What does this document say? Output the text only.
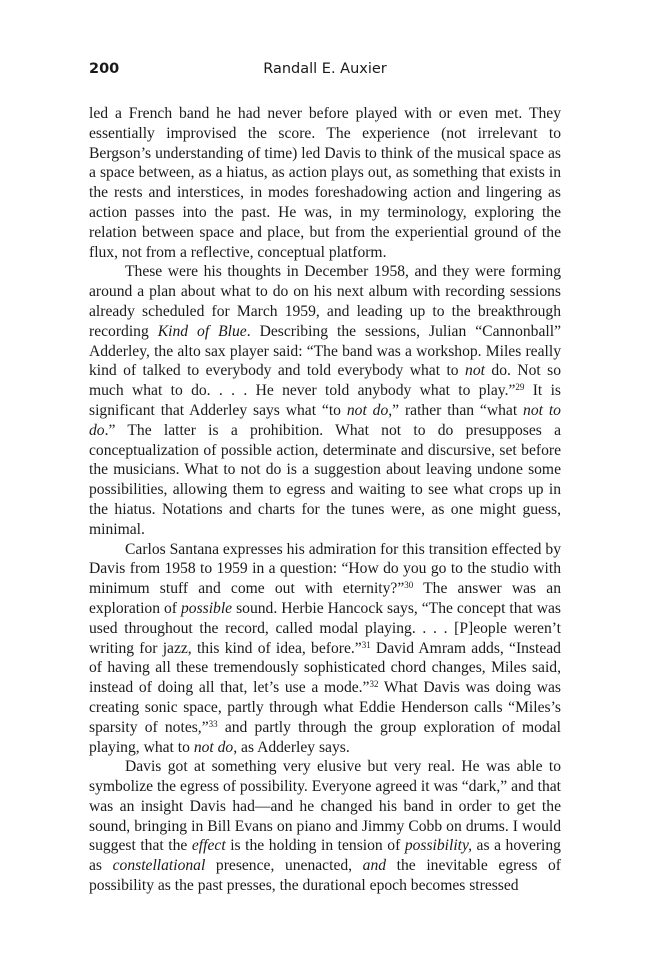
200	Randall E. Auxier

led a French band he had never before played with or even met. They essentially improvised the score. The experience (not irrelevant to Bergson’s understanding of time) led Davis to think of the musical space as a space between, as a hiatus, as action plays out, as something that exists in the rests and interstices, in modes foreshadowing action and lingering as action passes into the past. He was, in my terminology, exploring the relation between space and place, but from the experiential ground of the flux, not from a reflective, conceptual platform.

These were his thoughts in December 1958, and they were forming around a plan about what to do on his next album with recording sessions already scheduled for March 1959, and leading up to the breakthrough recording Kind of Blue. Describing the sessions, Julian “Cannonball” Adderley, the alto sax player said: “The band was a workshop. Miles really kind of talked to everybody and told everybody what to not do. Not so much what to do. . . . He never told anybody what to play.”$^{29}$ It is significant that Adderley says what “to not do,” rather than “what not to do.” The latter is a prohibition. What not to do presupposes a conceptualization of possible action, determinate and discursive, set before the musicians. What to not do is a suggestion about leaving undone some possibilities, allowing them to egress and waiting to see what crops up in the hiatus. Notations and charts for the tunes were, as one might guess, minimal.

Carlos Santana expresses his admiration for this transition effected by Davis from 1958 to 1959 in a question: “How do you go to the studio with minimum stuff and come out with eternity?”$^{30}$ The answer was an exploration of possible sound. Herbie Hancock says, “The concept that was used throughout the record, called modal playing. . . . [P]eople weren’t writing for jazz, this kind of idea, before.”$^{31}$ David Amram adds, “Instead of having all these tremendously sophisticated chord changes, Miles said, instead of doing all that, let’s use a mode.”$^{32}$ What Davis was doing was creating sonic space, partly through what Eddie Henderson calls “Miles’s sparsity of notes,”$^{33}$ and partly through the group exploration of modal playing, what to not do, as Adderley says.

Davis got at something very elusive but very real. He was able to symbolize the egress of possibility. Everyone agreed it was “dark,” and that was an insight Davis had—and he changed his band in order to get the sound, bringing in Bill Evans on piano and Jimmy Cobb on drums. I would suggest that the effect is the holding in tension of possibility, as a hovering as constellational presence, unenacted, and the inevitable egress of possibility as the past presses, the durational epoch becomes stressed
